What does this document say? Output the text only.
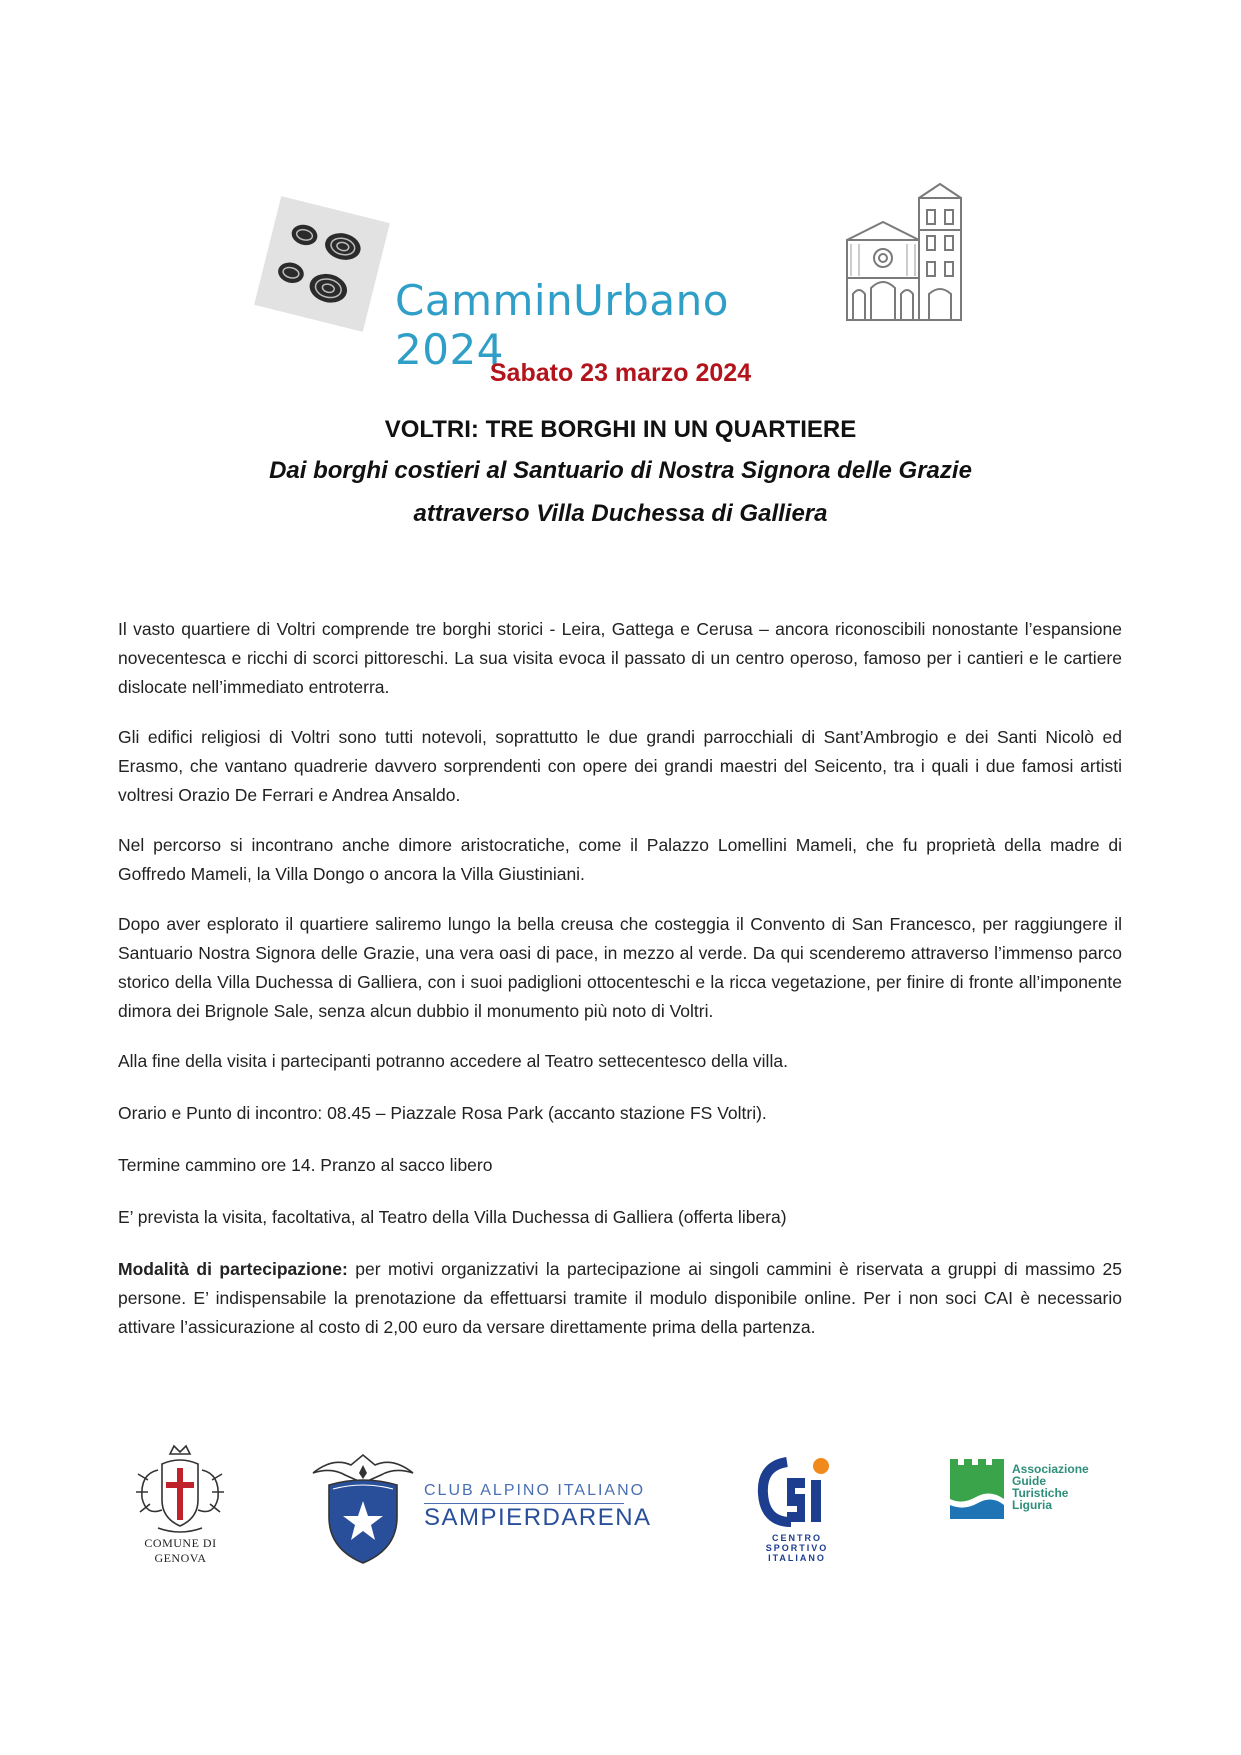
CamminUrbano 2024
Sabato 23 marzo 2024
VOLTRI: TRE BORGHI IN UN QUARTIERE
Dai borghi costieri al Santuario di Nostra Signora delle Grazie
attraverso Villa Duchessa di Galliera

Il vasto quartiere di Voltri comprende tre borghi storici - Leira, Gattega e Cerusa – ancora riconoscibili nonostante l’espansione novecentesca e ricchi di scorci pittoreschi. La sua visita evoca il passato di un centro operoso, famoso per i cantieri e le cartiere dislocate nell’immediato entroterra.

Gli edifici religiosi di Voltri sono tutti notevoli, soprattutto le due grandi parrocchiali di Sant’Ambrogio e dei Santi Nicolò ed Erasmo, che vantano quadrerie davvero sorprendenti con opere dei grandi maestri del Seicento, tra i quali i due famosi artisti voltresi Orazio De Ferrari e Andrea Ansaldo.

Nel percorso si incontrano anche dimore aristocratiche, come il Palazzo Lomellini Mameli, che fu proprietà della madre di Goffredo Mameli, la Villa Dongo o ancora la Villa Giustiniani.

Dopo aver esplorato il quartiere saliremo lungo la bella creusa che costeggia il Convento di San Francesco, per raggiungere il Santuario Nostra Signora delle Grazie, una vera oasi di pace, in mezzo al verde. Da qui scenderemo attraverso l’immenso parco storico della Villa Duchessa di Galliera, con i suoi padiglioni ottocenteschi e la ricca vegetazione, per finire di fronte all’imponente dimora dei Brignole Sale, senza alcun dubbio il monumento più noto di Voltri.

Alla fine della visita i partecipanti potranno accedere al Teatro settecentesco della villa.

Orario e Punto di incontro: 08.45 – Piazzale Rosa Park (accanto stazione FS Voltri).

Termine cammino ore 14. Pranzo al sacco libero

E’ prevista la visita, facoltativa, al Teatro della Villa Duchessa di Galliera (offerta libera)

Modalità di partecipazione: per motivi organizzativi la partecipazione ai singoli cammini è riservata a gruppi di massimo 25 persone. E’ indispensabile la prenotazione da effettuarsi tramite il modulo disponibile online. Per i non soci CAI è necessario attivare l’assicurazione al costo di 2,00 euro da versare direttamente prima della partenza.

COMUNE DI GENOVA
CLUB ALPINO ITALIANO
SAMPIERDARENA
CENTRO
SPORTIVO
ITALIANO
Associazione
Guide
Turistiche
Liguria
